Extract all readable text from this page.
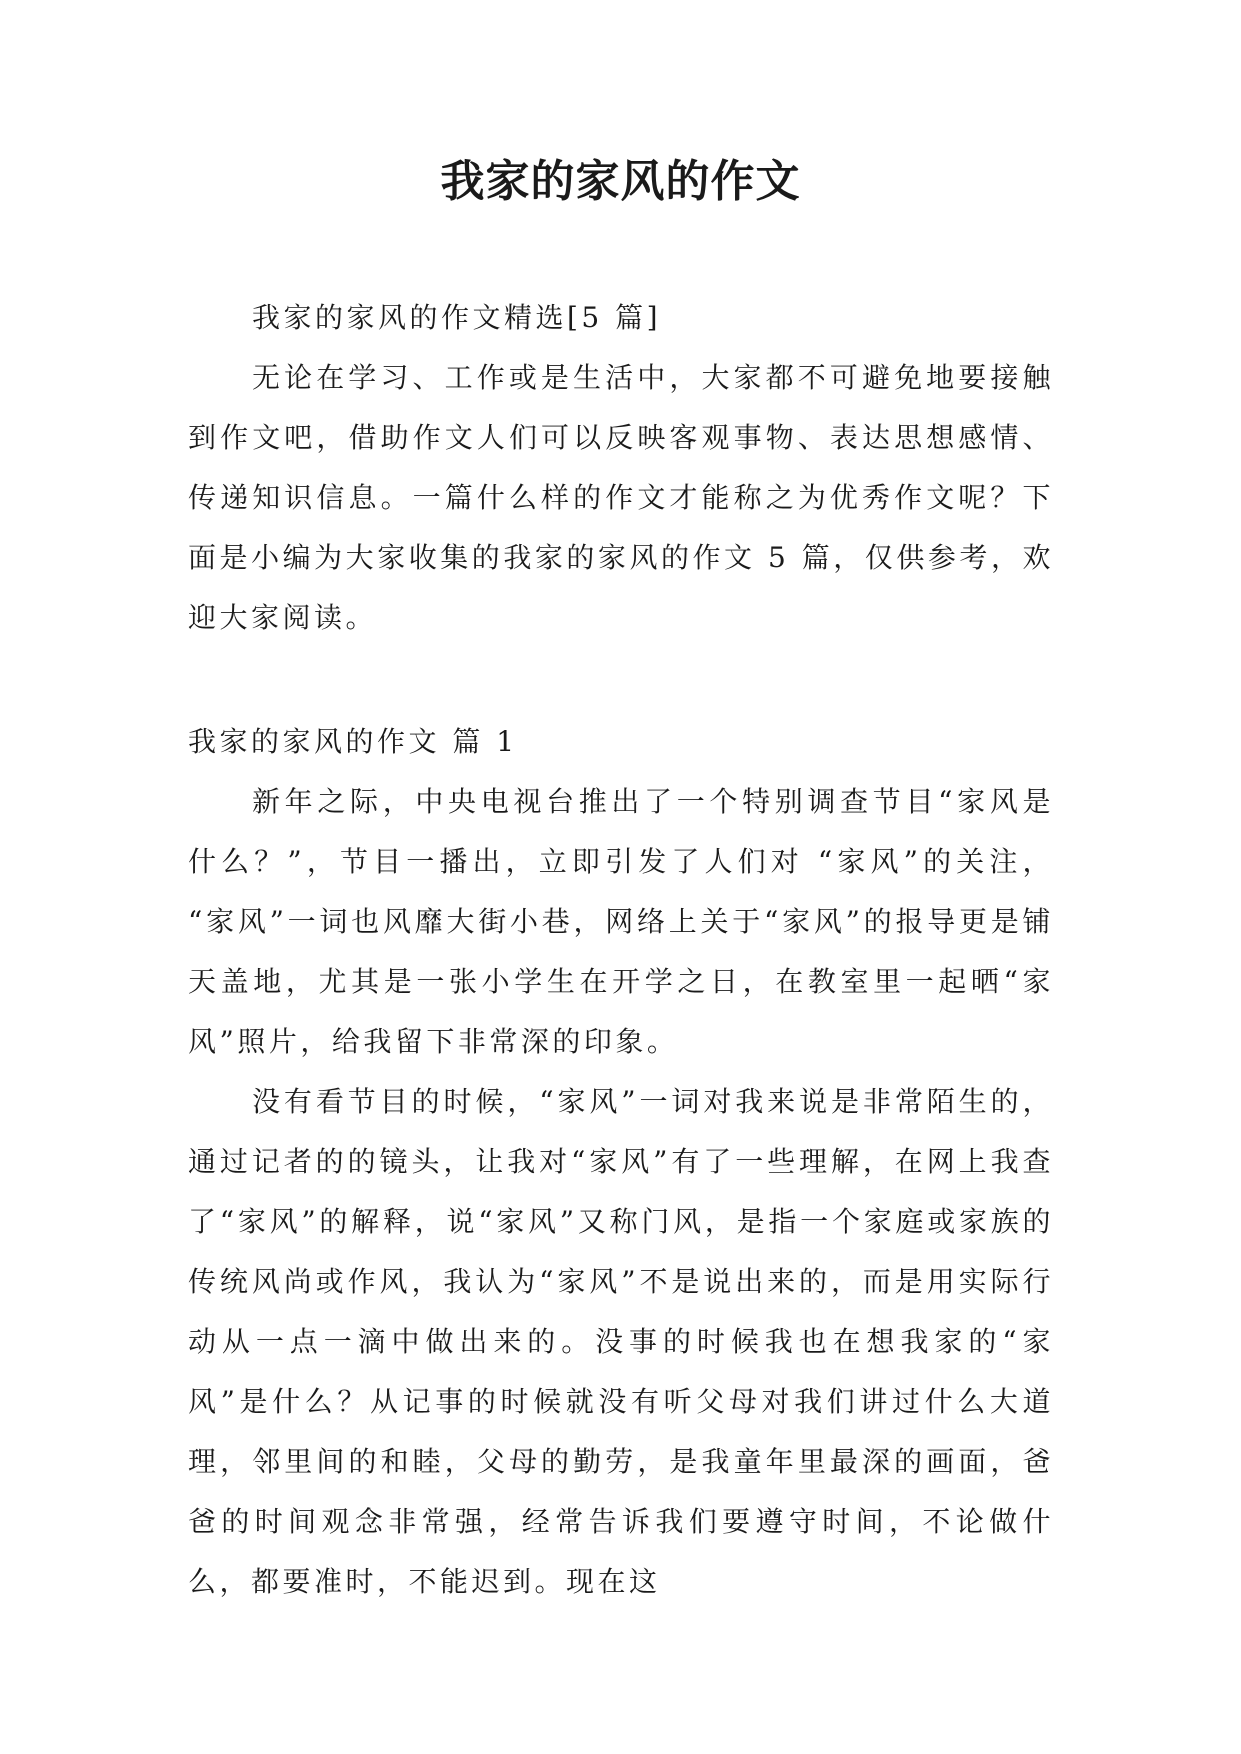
我家的家风的作文

我家的家风的作文精选[5 篇]

无论在学习、工作或是生活中，大家都不可避免地要接触到作文吧，借助作文人们可以反映客观事物、表达思想感情、传递知识信息。一篇什么样的作文才能称之为优秀作文呢？下面是小编为大家收集的我家的家风的作文 5 篇，仅供参考，欢迎大家阅读。

我家的家风的作文 篇 1

新年之际，中央电视台推出了一个特别调查节目“家风是什么？”，节目一播出，立即引发了人们对 “家风”的关注， “家风”一词也风靡大街小巷，网络上关于“家风”的报导更是铺天盖地，尤其是一张小学生在开学之日，在教室里一起晒“家风”照片，给我留下非常深的印象。

没有看节目的时候，“家风”一词对我来说是非常陌生的，通过记者的的镜头，让我对“家风”有了一些理解，在网上我查了“家风”的解释，说“家风”又称门风，是指一个家庭或家族的传统风尚或作风，我认为“家风”不是说出来的，而是用实际行动从一点一滴中做出来的。没事的时候我也在想我家的“家风”是什么？从记事的时候就没有听父母对我们讲过什么大道理，邻里间的和睦，父母的勤劳，是我童年里最深的画面，爸爸的时间观念非常强，经常告诉我们要遵守时间，不论做什么，都要准时，不能迟到。现在这
